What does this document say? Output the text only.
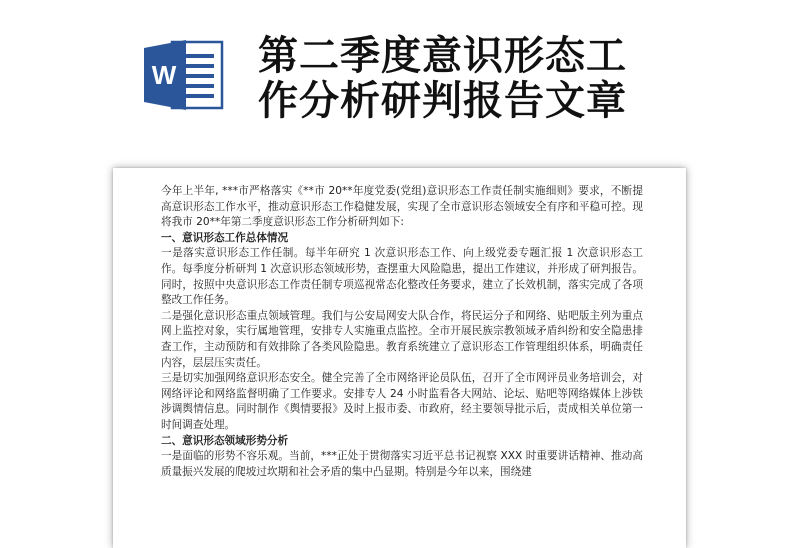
W 第二季度意识形态工
作分析研判报告文章

今年上半年, ***市严格落实《**市 20**年度党委(党组)意识形态工作责任制实施细则》要求，不断提高意识形态工作水平，推动意识形态工作稳健发展，实现了全市意识形态领域安全有序和平稳可控。现将我市 20**年第二季度意识形态工作分析研判如下:

一、意识形态工作总体情况

一是落实意识形态工作任制。每半年研究 1 次意识形态工作、向上级党委专题汇报 1 次意识形态工作。每季度分析研判 1 次意识形态领域形势，查摆重大风险隐患，提出工作建议，并形成了研判报告。同时，按照中央意识形态工作责任制专项巡视常态化整改任务要求，建立了长效机制，落实完成了各项整改工作任务。

二是强化意识形态重点领域管理。我们与公安局网安大队合作，将民运分子和网络、贴吧版主列为重点网上监控对象，实行属地管理，安排专人实施重点监控。全市开展民族宗教领域矛盾纠纷和安全隐患排查工作，主动预防和有效排除了各类风险隐患。教育系统建立了意识形态工作管理组织体系，明确责任内容，层层压实责任。

三是切实加强网络意识形态安全。健全完善了全市网络评论员队伍，召开了全市网评员业务培训会，对网络评论和网络监督明确了工作要求。安排专人 24 小时监看各大网站、论坛、贴吧等网络媒体上涉铁涉调舆情信息。同时制作《舆情要报》及时上报市委、市政府，经主要领导批示后，责成相关单位第一时间调查处理。

二、意识形态领域形势分析

一是面临的形势不容乐观。当前，***正处于贯彻落实习近平总书记视察 XXX 时重要讲话精神、推动高质量振兴发展的爬坡过坎期和社会矛盾的集中凸显期。特别是今年以来，围绕建
